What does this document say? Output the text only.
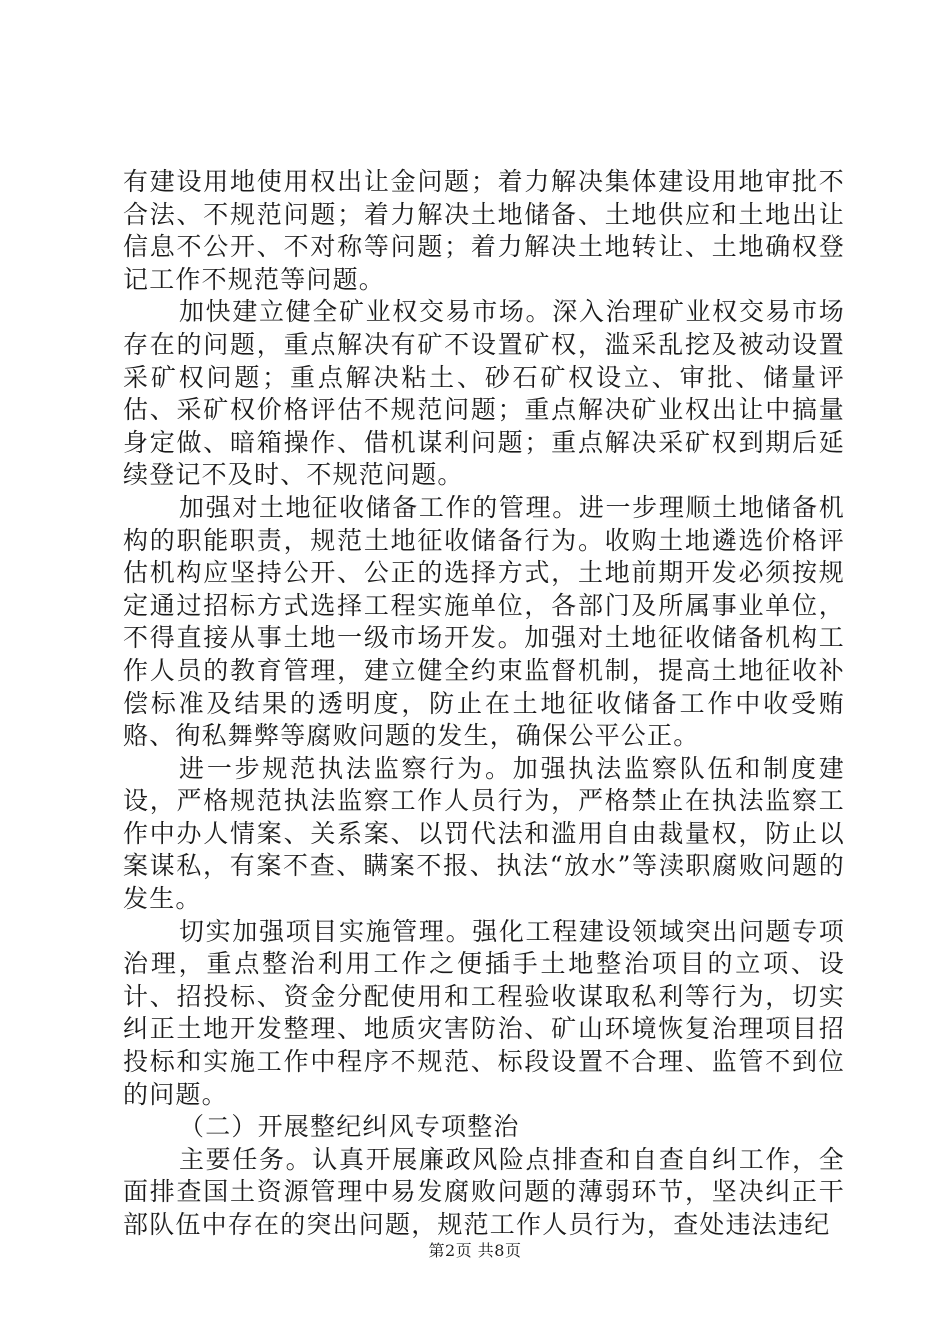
有建设用地使用权出让金问题；着力解决集体建设用地审批不合法、不规范问题；着力解决土地储备、土地供应和土地出让信息不公开、不对称等问题；着力解决土地转让、土地确权登记工作不规范等问题。

加快建立健全矿业权交易市场。深入治理矿业权交易市场存在的问题，重点解决有矿不设置矿权，滥采乱挖及被动设置采矿权问题；重点解决粘土、砂石矿权设立、审批、储量评估、采矿权价格评估不规范问题；重点解决矿业权出让中搞量身定做、暗箱操作、借机谋利问题；重点解决采矿权到期后延续登记不及时、不规范问题。

加强对土地征收储备工作的管理。进一步理顺土地储备机构的职能职责，规范土地征收储备行为。收购土地遴选价格评估机构应坚持公开、公正的选择方式，土地前期开发必须按规定通过招标方式选择工程实施单位，各部门及所属事业单位，不得直接从事土地一级市场开发。加强对土地征收储备机构工作人员的教育管理，建立健全约束监督机制，提高土地征收补偿标准及结果的透明度，防止在土地征收储备工作中收受贿赂、徇私舞弊等腐败问题的发生，确保公平公正。

进一步规范执法监察行为。加强执法监察队伍和制度建设，严格规范执法监察工作人员行为，严格禁止在执法监察工作中办人情案、关系案、以罚代法和滥用自由裁量权，防止以案谋私，有案不查、瞒案不报、执法“放水”等渎职腐败问题的发生。

切实加强项目实施管理。强化工程建设领域突出问题专项治理，重点整治利用工作之便插手土地整治项目的立项、设计、招投标、资金分配使用和工程验收谋取私利等行为，切实纠正土地开发整理、地质灾害防治、矿山环境恢复治理项目招投标和实施工作中程序不规范、标段设置不合理、监管不到位的问题。

（二）开展整纪纠风专项整治

主要任务。认真开展廉政风险点排查和自查自纠工作，全面排查国土资源管理中易发腐败问题的薄弱环节，坚决纠正干部队伍中存在的突出问题，规范工作人员行为，查处违法违纪

第2页 共8页
